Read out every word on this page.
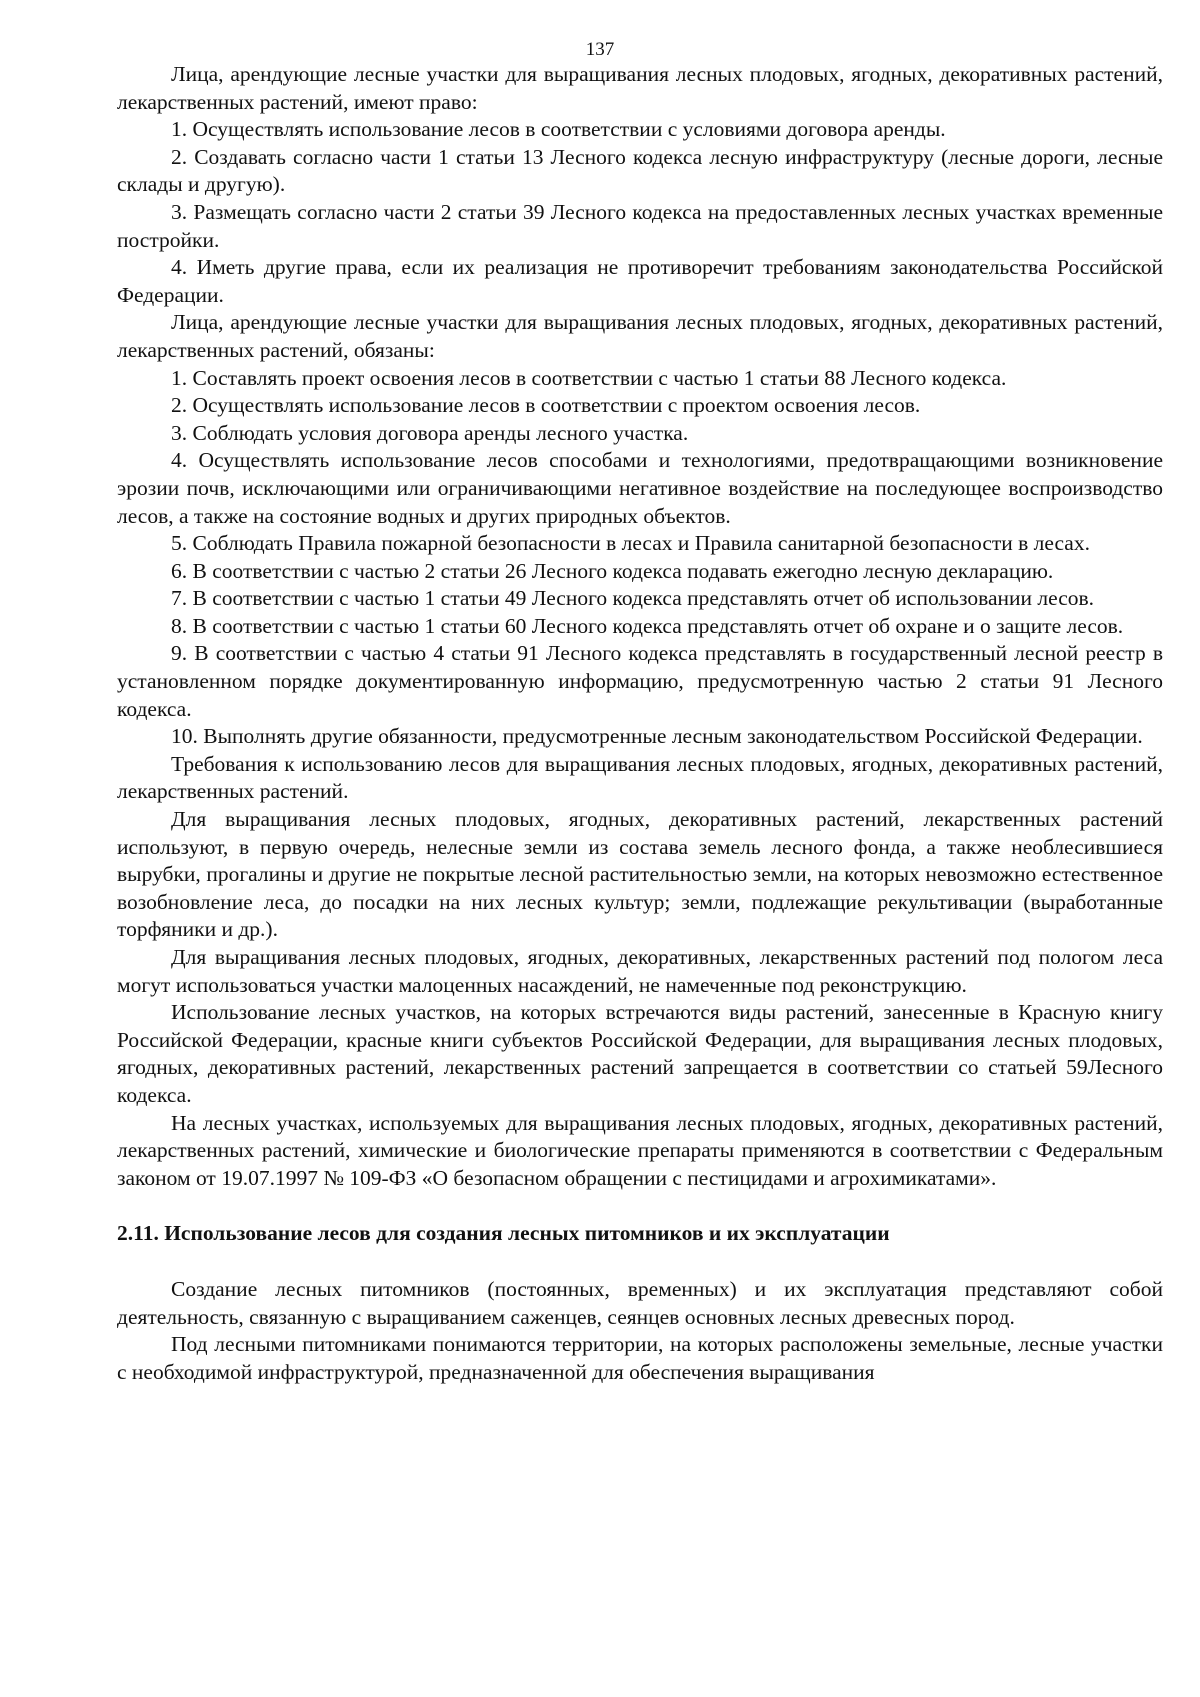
137

Лица, арендующие лесные участки для выращивания лесных плодовых, ягодных, декоративных растений, лекарственных растений, имеют право:

1. Осуществлять использование лесов в соответствии с условиями договора аренды.

2. Создавать согласно части 1 статьи 13 Лесного кодекса лесную инфраструктуру (лесные дороги, лесные склады и другую).

3. Размещать согласно части 2 статьи 39 Лесного кодекса на предоставленных лесных участках временные постройки.

4. Иметь другие права, если их реализация не противоречит требованиям законодательства Российской Федерации.

Лица, арендующие лесные участки для выращивания лесных плодовых, ягодных, декоративных растений, лекарственных растений, обязаны:

1. Составлять проект освоения лесов в соответствии с частью 1 статьи 88 Лесного кодекса.

2. Осуществлять использование лесов в соответствии с проектом освоения лесов.

3. Соблюдать условия договора аренды лесного участка.

4. Осуществлять использование лесов способами и технологиями, предотвращающими возникновение эрозии почв, исключающими или ограничивающими негативное воздействие на последующее воспроизводство лесов, а также на состояние водных и других природных объектов.

5. Соблюдать Правила пожарной безопасности в лесах и Правила санитарной безопасности в лесах.

6. В соответствии с частью 2 статьи 26 Лесного кодекса подавать ежегодно лесную декларацию.

7. В соответствии с частью 1 статьи 49 Лесного кодекса представлять отчет об использовании лесов.

8. В соответствии с частью 1 статьи 60 Лесного кодекса представлять отчет об охране и о защите лесов.

9. В соответствии с частью 4 статьи 91 Лесного кодекса представлять в государственный лесной реестр в установленном порядке документированную информацию, предусмотренную частью 2 статьи 91 Лесного кодекса.

10. Выполнять другие обязанности, предусмотренные лесным законодательством Российской Федерации.

Требования к использованию лесов для выращивания лесных плодовых, ягодных, декоративных растений, лекарственных растений.

Для выращивания лесных плодовых, ягодных, декоративных растений, лекарственных растений используют, в первую очередь, нелесные земли из состава земель лесного фонда, а также необлесившиеся вырубки, прогалины и другие не покрытые лесной растительностью земли, на которых невозможно естественное возобновление леса, до посадки на них лесных культур; земли, подлежащие рекультивации (выработанные торфяники и др.).

Для выращивания лесных плодовых, ягодных, декоративных, лекарственных растений под пологом леса могут использоваться участки малоценных насаждений, не намеченные под реконструкцию.

Использование лесных участков, на которых встречаются виды растений, занесенные в Красную книгу Российской Федерации, красные книги субъектов Российской Федерации, для выращивания лесных плодовых, ягодных, декоративных растений, лекарственных растений запрещается в соответствии со статьей 59Лесного кодекса.

На лесных участках, используемых для выращивания лесных плодовых, ягодных, декоративных растений, лекарственных растений, химические и биологические препараты применяются в соответствии с Федеральным законом от 19.07.1997 № 109-ФЗ «О безопасном обращении с пестицидами и агрохимикатами».

2.11. Использование лесов для создания лесных питомников и их эксплуатации

Создание лесных питомников (постоянных, временных) и их эксплуатация представляют собой деятельность, связанную с выращиванием саженцев, сеянцев основных лесных древесных пород.

Под лесными питомниками понимаются территории, на которых расположены земельные, лесные участки с необходимой инфраструктурой, предназначенной для обеспечения выращивания
